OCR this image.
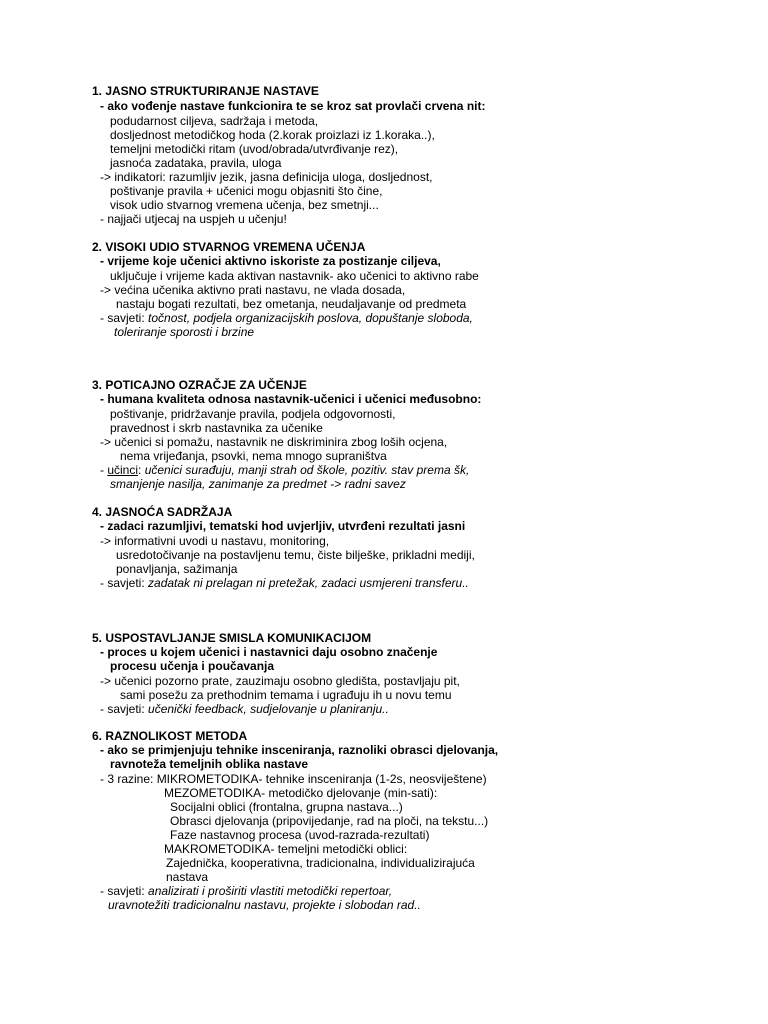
1. JASNO STRUKTURIRANJE NASTAVE
- ako vođenje nastave funkcionira te se kroz sat provlači crvena nit:
podudarnost ciljeva, sadržaja i metoda,
dosljednost metodičkog hoda (2.korak proizlazi iz 1.koraka..),
temeljni metodički ritam (uvod/obrada/utvrđivanje rez),
jasnoća zadataka, pravila, uloga
-> indikatori: razumljiv jezik, jasna definicija uloga, dosljednost,
poštivanje pravila + učenici mogu objasniti što čine,
visok udio stvarnog vremena učenja, bez smetnji...
- najjači utjecaj na uspjeh u učenju!
2. VISOKI UDIO STVARNOG VREMENA UČENJA
- vrijeme koje učenici aktivno iskoriste za postizanje ciljeva,
uključuje i vrijeme kada aktivan nastavnik- ako učenici to aktivno rabe
-> većina učenika aktivno prati nastavu, ne vlada dosada,
nastaju bogati rezultati, bez ometanja, neudaljavanje od predmeta
- savjeti: točnost, podjela organizacijskih poslova, dopuštanje sloboda,
toleriranje sporosti i brzine
3. POTICAJNO OZRAČJE ZA UČENJE
- humana kvaliteta odnosa nastavnik-učenici i učenici međusobno:
poštivanje, pridržavanje pravila, podjela odgovornosti,
pravednost i skrb nastavnika za učenike
-> učenici si pomažu, nastavnik ne diskriminira zbog loših ocjena,
nema vrijeđanja, psovki, nema mnogo supraništva
- učinci: učenici surađuju, manji strah od škole, pozitiv. stav prema šk,
smanjenje nasilja, zanimanje za predmet -> radni savez
4. JASNOĆA SADRŽAJA
- zadaci razumljivi, tematski hod uvjerljiv, utvrđeni rezultati jasni
-> informativni uvodi u nastavu, monitoring,
usredotočivanje na postavljenu temu, čiste bilješke, prikladni mediji,
ponavljanja, sažimanja
- savjeti: zadatak ni prelagan ni pretežak, zadaci usmjereni transferu..
5. USPOSTAVLJANJE SMISLA KOMUNIKACIJOM
- proces u kojem učenici i nastavnici daju osobno značenje
procesu učenja i poučavanja
-> učenici pozorno prate, zauzimaju osobno gledišta, postavljaju pit,
sami posežu za prethodnim temama i ugrađuju ih u novu temu
- savjeti: učenički feedback, sudjelovanje u planiranju..
6. RAZNOLIKOST METODA
- ako se primjenjuju tehnike insceniranja, raznoliki obrasci djelovanja,
ravnoteža temeljnih oblika nastave
- 3 razine: MIKROMETODIKA- tehnike insceniranja (1-2s, neosviještene)
MEZOMETODIKA- metodičko djelovanje (min-sati):
Socijalni oblici (frontalna, grupna nastava...)
Obrasci djelovanja (pripovijedanje, rad na ploči, na tekstu...)
Faze nastavnog procesa (uvod-razrada-rezultati)
MAKROMETODIKA- temeljni metodički oblici:
Zajednička, kooperativna, tradicionalna, individualizirajuća
nastava
- savjeti: analizirati i proširiti vlastiti metodički repertoar,
uravnotežiti tradicionalnu nastavu, projekte i slobodan rad..
